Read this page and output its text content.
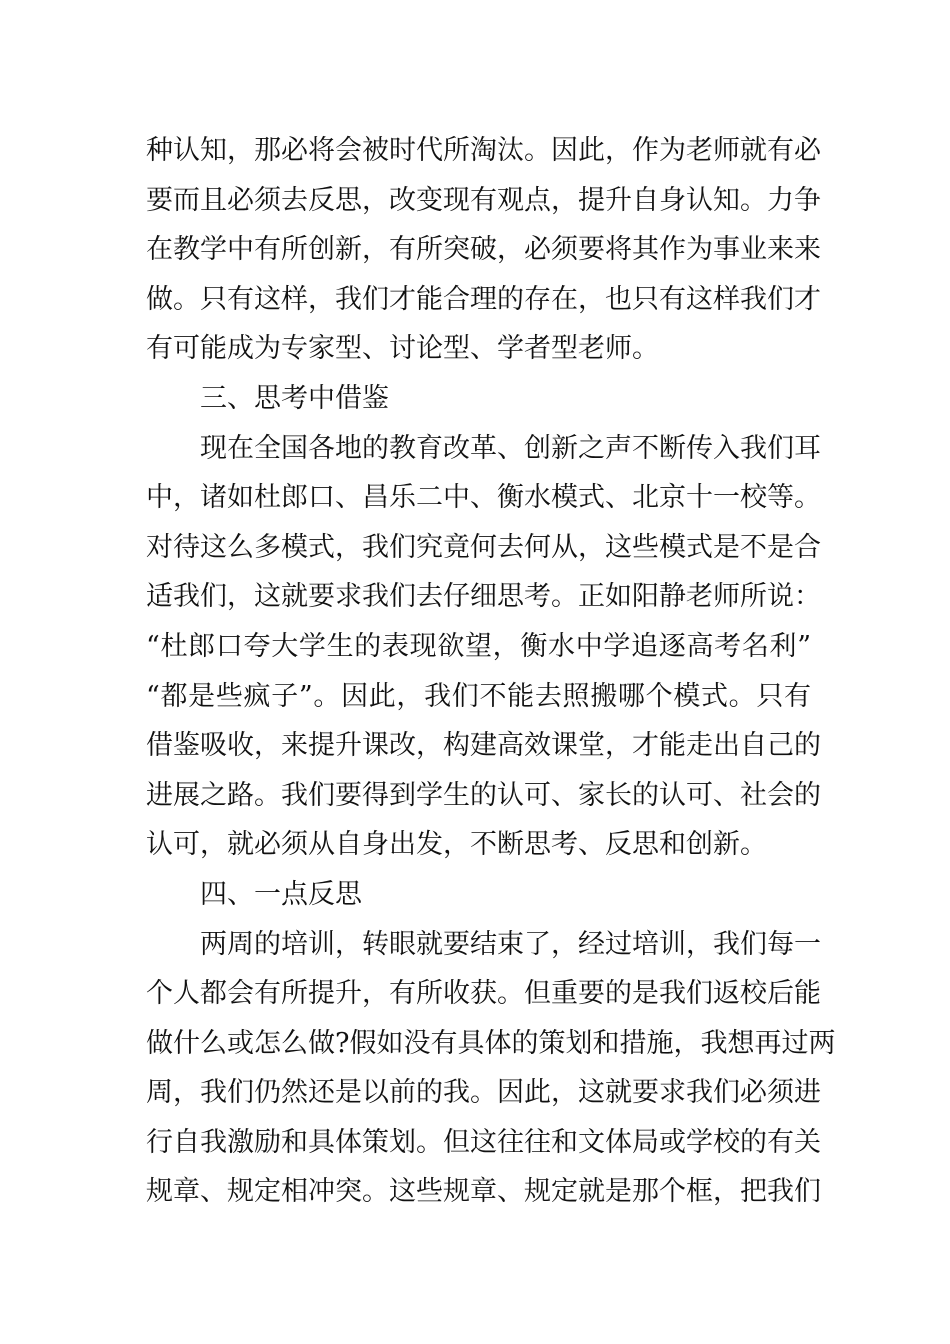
种认知，那必将会被时代所淘汰。因此，作为老师就有必
要而且必须去反思，改变现有观点，提升自身认知。力争
在教学中有所创新，有所突破，必须要将其作为事业来来
做。只有这样，我们才能合理的存在，也只有这样我们才
有可能成为专家型、讨论型、学者型老师。
三、思考中借鉴
现在全国各地的教育改革、创新之声不断传入我们耳
中，诸如杜郎口、昌乐二中、衡水模式、北京十一校等。
对待这么多模式，我们究竟何去何从，这些模式是不是合
适我们，这就要求我们去仔细思考。正如阳静老师所说：
“杜郎口夸大学生的表现欲望，衡水中学追逐高考名利”
“都是些疯子”。因此，我们不能去照搬哪个模式。只有
借鉴吸收，来提升课改，构建高效课堂，才能走出自己的
进展之路。我们要得到学生的认可、家长的认可、社会的
认可，就必须从自身出发，不断思考、反思和创新。
四、一点反思
两周的培训，转眼就要结束了，经过培训，我们每一
个人都会有所提升，有所收获。但重要的是我们返校后能
做什么或怎么做?假如没有具体的策划和措施，我想再过两
周，我们仍然还是以前的我。因此，这就要求我们必须进
行自我激励和具体策划。但这往往和文体局或学校的有关
规章、规定相冲突。这些规章、规定就是那个框，把我们
